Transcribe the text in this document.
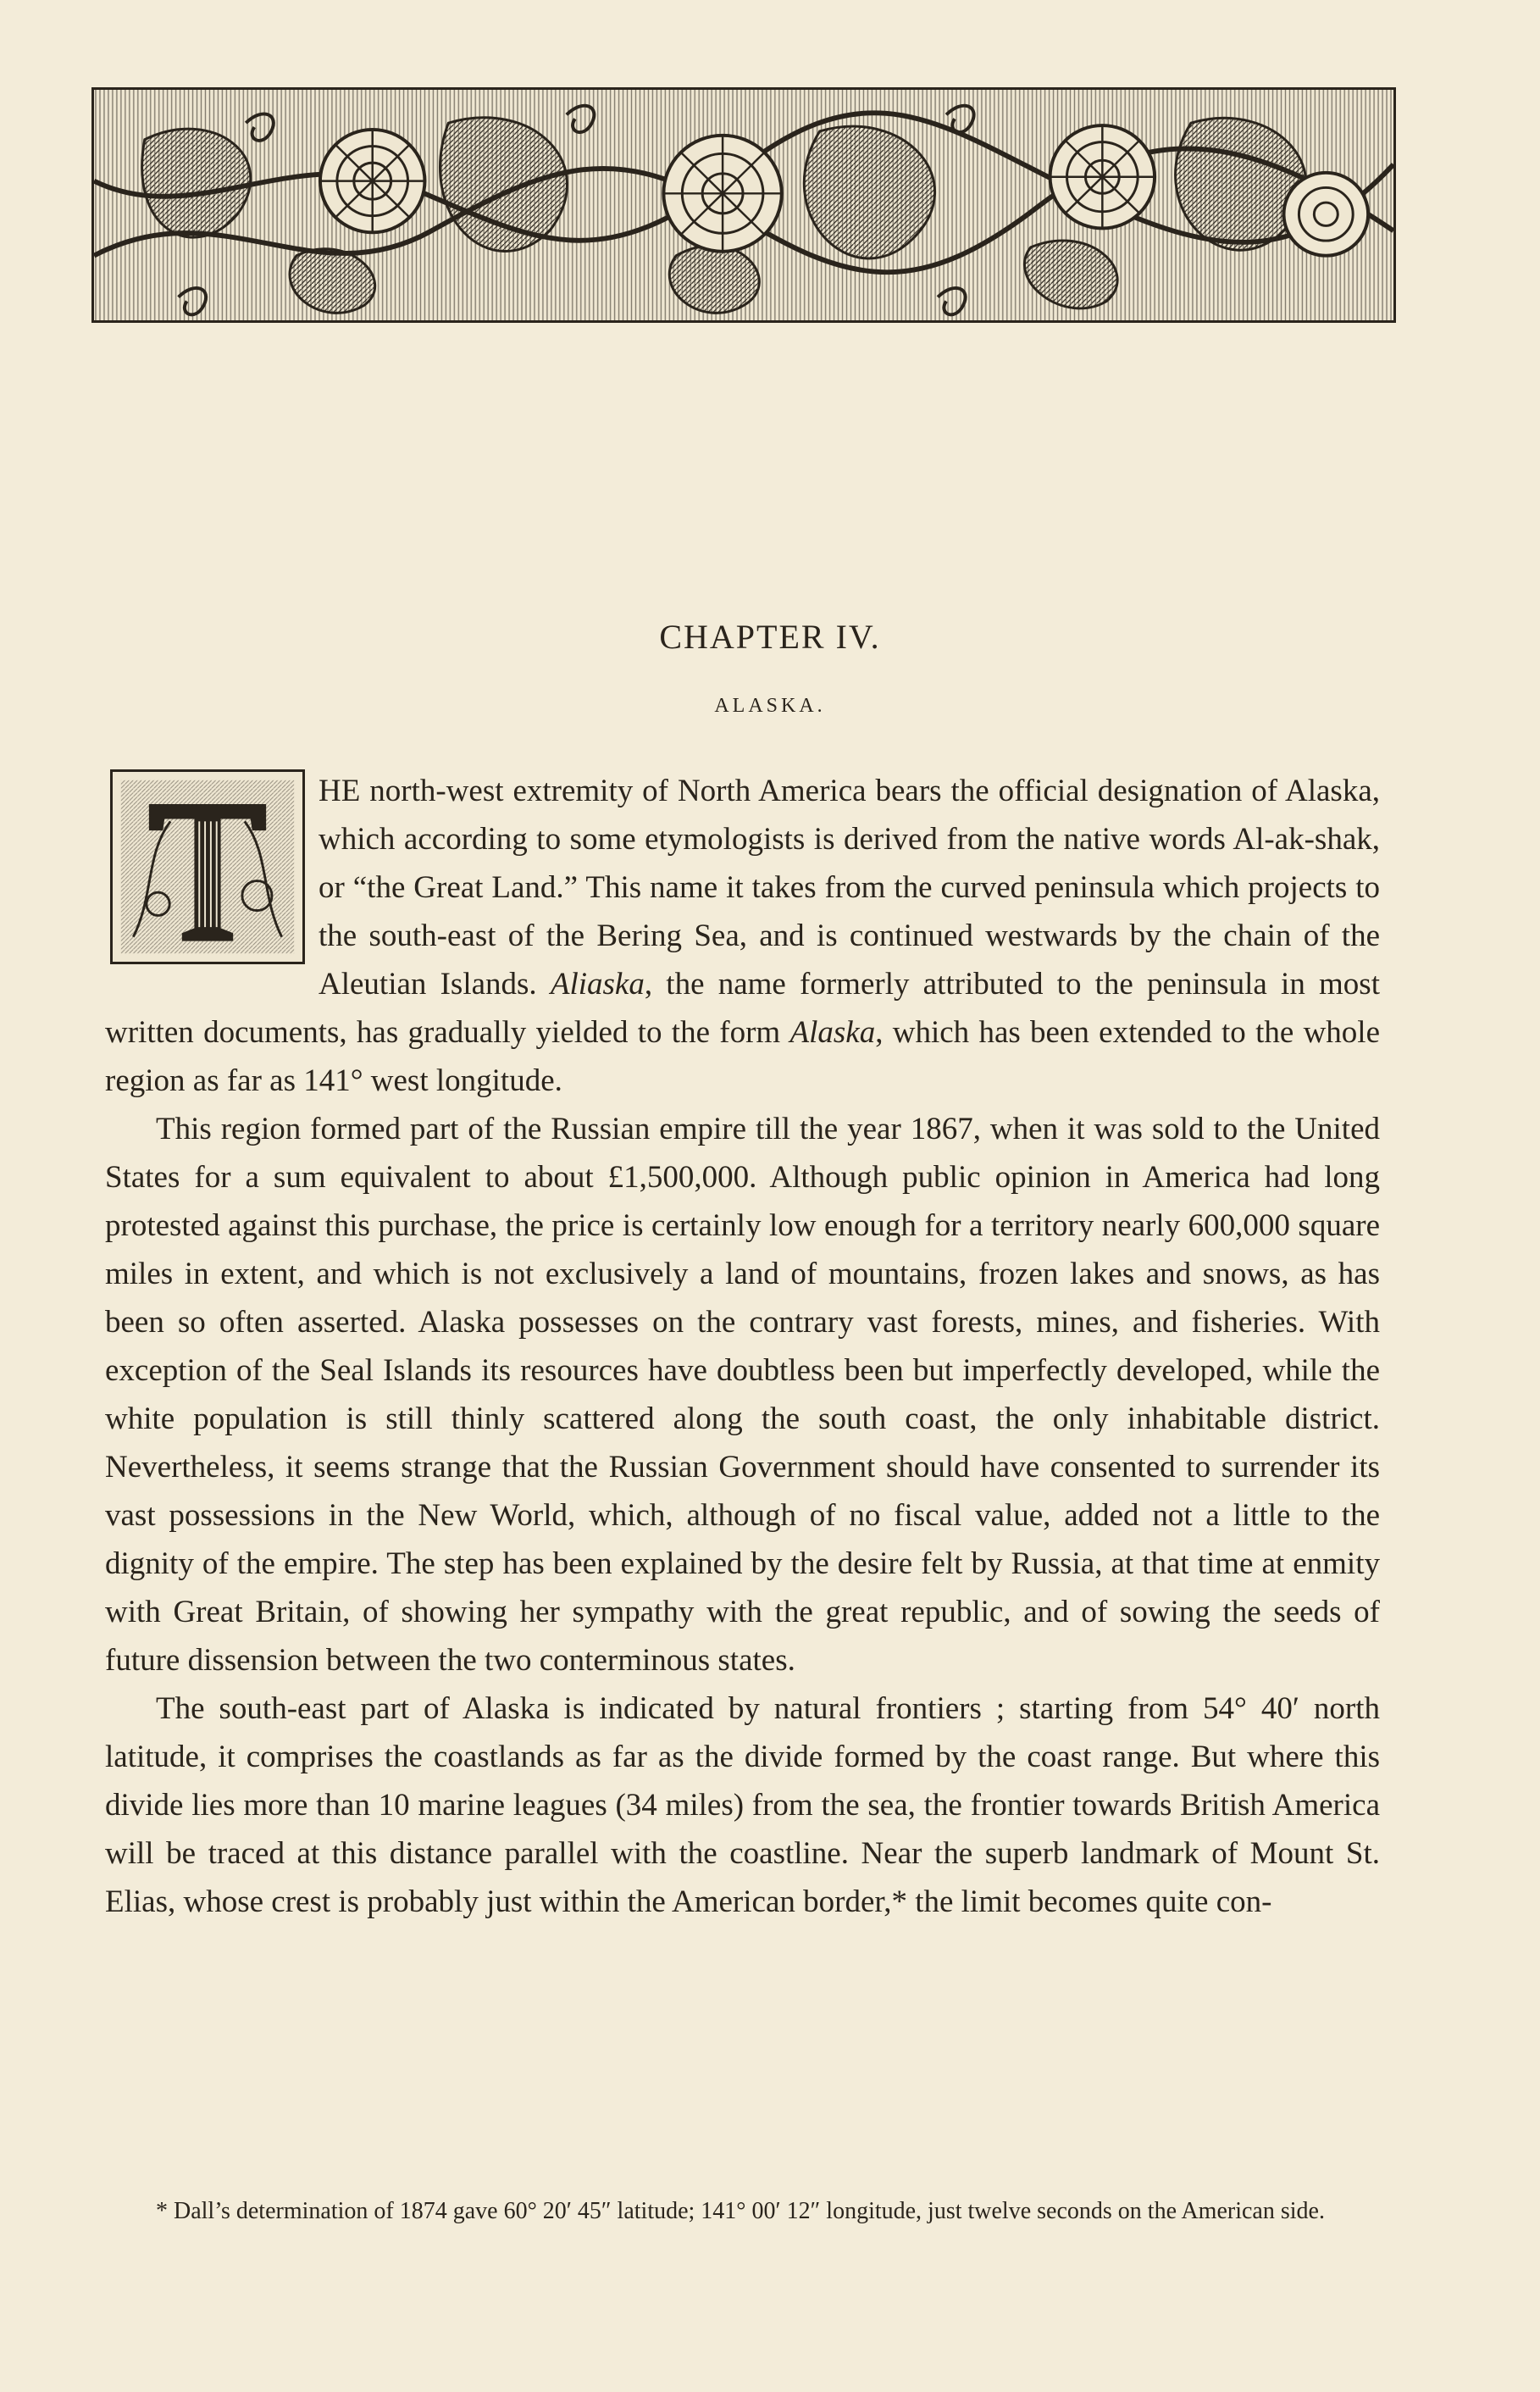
CHAPTER IV.
ALASKA.

HE north-west extremity of North America bears the official designation of Alaska, which according to some etymologists is derived from the native words Al-ak-shak, or “the Great Land.” This name it takes from the curved peninsula which projects to the south-east of the Bering Sea, and is continued westwards by the chain of the Aleutian Islands. Aliaska, the name formerly attributed to the peninsula in most written documents, has gradually yielded to the form Alaska, which has been extended to the whole region as far as 141° west longitude.

This region formed part of the Russian empire till the year 1867, when it was sold to the United States for a sum equivalent to about £1,500,000. Although public opinion in America had long protested against this purchase, the price is certainly low enough for a territory nearly 600,000 square miles in extent, and which is not exclusively a land of mountains, frozen lakes and snows, as has been so often asserted. Alaska possesses on the contrary vast forests, mines, and fisheries. With exception of the Seal Islands its resources have doubtless been but imperfectly developed, while the white population is still thinly scattered along the south coast, the only inhabitable district. Nevertheless, it seems strange that the Russian Government should have consented to surrender its vast possessions in the New World, which, although of no fiscal value, added not a little to the dignity of the empire. The step has been explained by the desire felt by Russia, at that time at enmity with Great Britain, of showing her sympathy with the great republic, and of sowing the seeds of future dissension between the two conterminous states.

The south-east part of Alaska is indicated by natural frontiers ; starting from 54° 40′ north latitude, it comprises the coastlands as far as the divide formed by the coast range. But where this divide lies more than 10 marine leagues (34 miles) from the sea, the frontier towards British America will be traced at this distance parallel with the coastline. Near the superb landmark of Mount St. Elias, whose crest is probably just within the American border,* the limit becomes quite con-

* Dall’s determination of 1874 gave 60° 20′ 45″ latitude; 141° 00′ 12″ longitude, just twelve seconds on the American side.
